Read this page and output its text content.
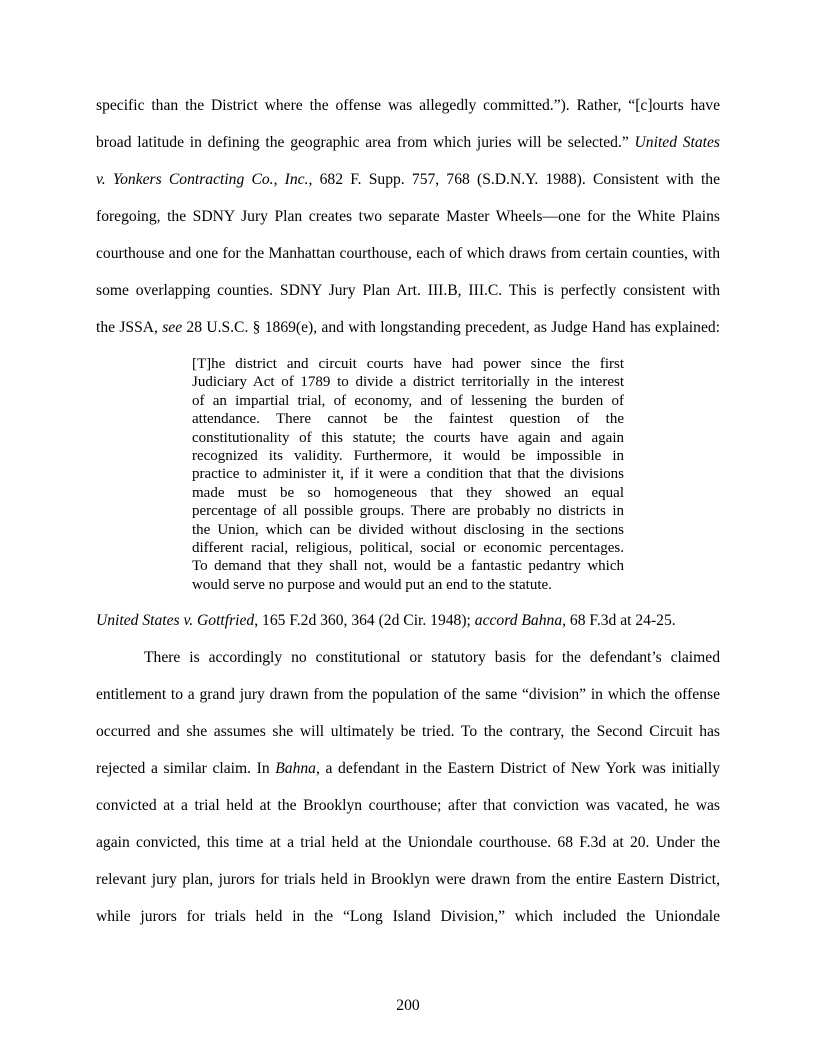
specific than the District where the offense was allegedly committed.”). Rather, “[c]ourts have
broad latitude in defining the geographic area from which juries will be selected.” United States
v. Yonkers Contracting Co., Inc., 682 F. Supp. 757, 768 (S.D.N.Y. 1988). Consistent with the
foregoing, the SDNY Jury Plan creates two separate Master Wheels—one for the White Plains
courthouse and one for the Manhattan courthouse, each of which draws from certain counties, with
some overlapping counties. SDNY Jury Plan Art. III.B, III.C. This is perfectly consistent with
the JSSA, see 28 U.S.C. § 1869(e), and with longstanding precedent, as Judge Hand has explained:
[T]he district and circuit courts have had power since the first
Judiciary Act of 1789 to divide a district territorially in the interest
of an impartial trial, of economy, and of lessening the burden of
attendance. There cannot be the faintest question of the
constitutionality of this statute; the courts have again and again
recognized its validity. Furthermore, it would be impossible in
practice to administer it, if it were a condition that that the divisions
made must be so homogeneous that they showed an equal
percentage of all possible groups. There are probably no districts in
the Union, which can be divided without disclosing in the sections
different racial, religious, political, social or economic percentages.
To demand that they shall not, would be a fantastic pedantry which
would serve no purpose and would put an end to the statute.
United States v. Gottfried, 165 F.2d 360, 364 (2d Cir. 1948); accord Bahna, 68 F.3d at 24-25.
There is accordingly no constitutional or statutory basis for the defendant’s claimed
entitlement to a grand jury drawn from the population of the same “division” in which the offense
occurred and she assumes she will ultimately be tried. To the contrary, the Second Circuit has
rejected a similar claim. In Bahna, a defendant in the Eastern District of New York was initially
convicted at a trial held at the Brooklyn courthouse; after that conviction was vacated, he was
again convicted, this time at a trial held at the Uniondale courthouse. 68 F.3d at 20. Under the
relevant jury plan, jurors for trials held in Brooklyn were drawn from the entire Eastern District,
while jurors for trials held in the “Long Island Division,” which included the Uniondale
200
